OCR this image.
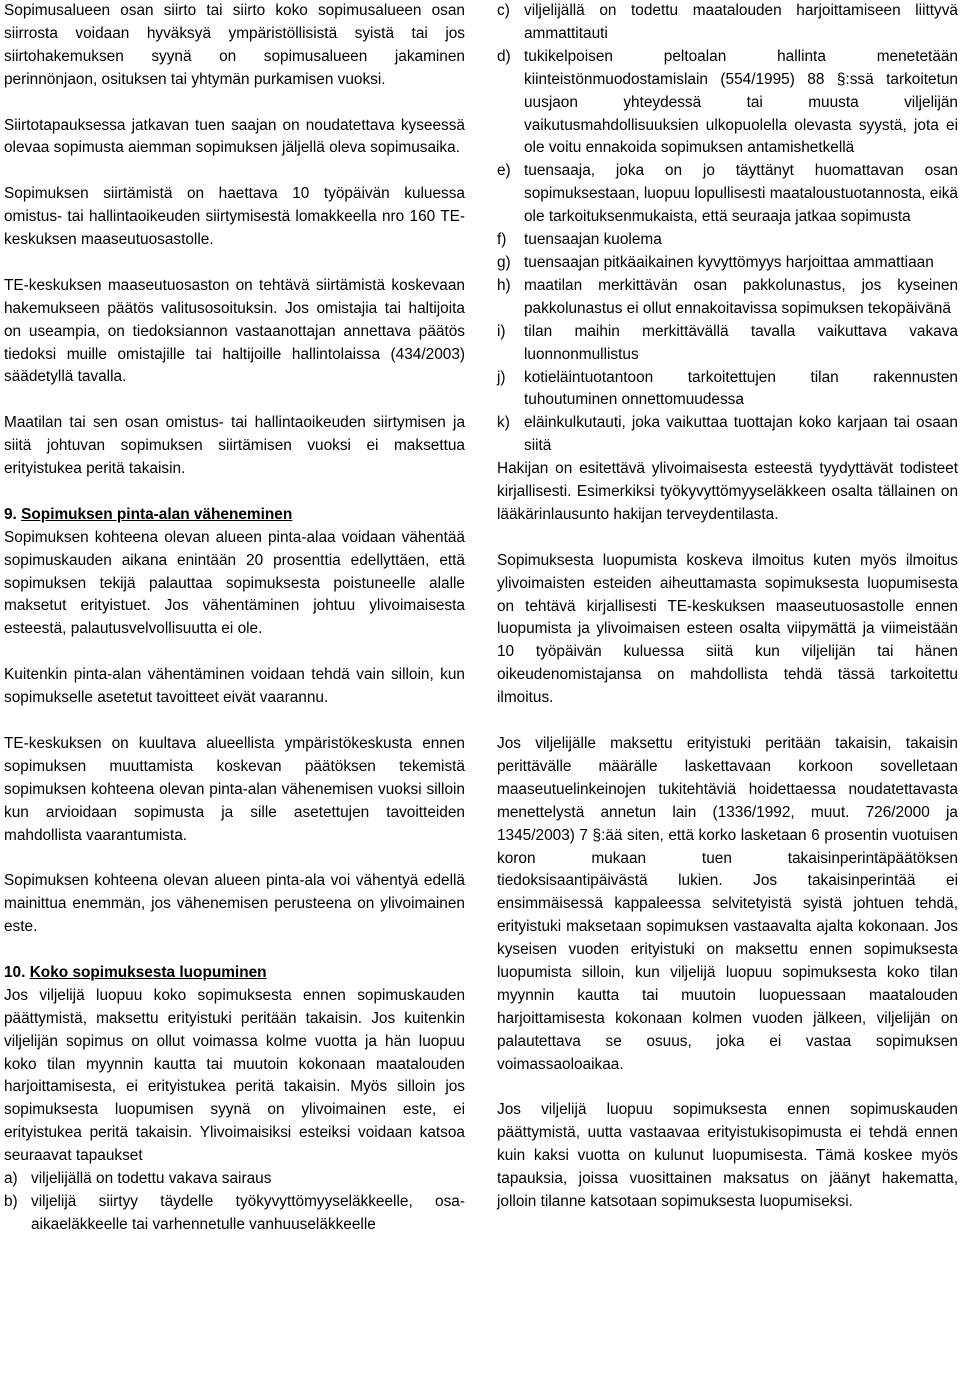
Sopimusalueen osan siirto tai siirto koko sopimusalueen osan siirrosta voidaan hyväksyä ympäristöllisistä syistä tai jos siirtohakemuksen syynä on sopimusalueen jakaminen perinnönjaon, osituksen tai yhtymän purkamisen vuoksi.

Siirtotapauksessa jatkavan tuen saajan on noudatettava kyseessä olevaa sopimusta aiemman sopimuksen jäljellä oleva sopimusaika.

Sopimuksen siirtämistä on haettava 10 työpäivän kuluessa omistus- tai hallintaoikeuden siirtymisestä lomakkeella nro 160 TE-keskuksen maaseutuosastolle.

TE-keskuksen maaseutuosaston on tehtävä siirtämistä koskevaan hakemukseen päätös valitusosoituksin. Jos omistajia tai haltijoita on useampia, on tiedoksiannon vastaanottajan annettava päätös tiedoksi muille omistajille tai haltijoille hallintolaissa (434/2003) säädetyllä tavalla.

Maatilan tai sen osan omistus- tai hallintaoikeuden siirtymisen ja siitä johtuvan sopimuksen siirtämisen vuoksi ei maksettua erityistukea peritä takaisin.

9. Sopimuksen pinta-alan väheneminen

Sopimuksen kohteena olevan alueen pinta-alaa voidaan vähentää sopimuskauden aikana enintään 20 prosenttia edellyttäen, että sopimuksen tekijä palauttaa sopimuksesta poistuneelle alalle maksetut erityistuet. Jos vähentäminen johtuu ylivoimaisesta esteestä, palautusvelvollisuutta ei ole.

Kuitenkin pinta-alan vähentäminen voidaan tehdä vain silloin, kun sopimukselle asetetut tavoitteet eivät vaarannu.

TE-keskuksen on kuultava alueellista ympäristökeskusta ennen sopimuksen muuttamista koskevan päätöksen tekemistä sopimuksen kohteena olevan pinta-alan vähenemisen vuoksi silloin kun arvioidaan sopimusta ja sille asetettujen tavoitteiden mahdollista vaarantumista.

Sopimuksen kohteena olevan alueen pinta-ala voi vähentyä edellä mainittua enemmän, jos vähenemisen perusteena on ylivoimainen este.

10. Koko sopimuksesta luopuminen

Jos viljelijä luopuu koko sopimuksesta ennen sopimuskauden päättymistä, maksettu erityistuki peritään takaisin. Jos kuitenkin viljelijän sopimus on ollut voimassa kolme vuotta ja hän luopuu koko tilan myynnin kautta tai muutoin kokonaan maatalouden harjoittamisesta, ei erityistukea peritä takaisin. Myös silloin jos sopimuksesta luopumisen syynä on ylivoimainen este, ei erityistukea peritä takaisin. Ylivoimaisiksi esteiksi voidaan katsoa seuraavat tapaukset

a) viljelijällä on todettu vakava sairaus
b) viljelijä siirtyy täydelle työkyvyttömyyseläkkeelle, osa-aikaeläkkeelle tai varhennetulle vanhuuseläkkeelle
c) viljelijällä on todettu maatalouden harjoittamiseen liittyvä ammattitauti
d) tukikelpoisen peltoalan hallinta menetetään kiinteistönmuodostamislain (554/1995) 88 §:ssä tarkoitetun uusjaon yhteydessä tai muusta viljelijän vaikutusmahdollisuuksien ulkopuolella olevasta syystä, jota ei ole voitu ennakoida sopimuksen antamishetkellä
e) tuensaaja, joka on jo täyttänyt huomattavan osan sopimuksestaan, luopuu lopullisesti maataloustuotannosta, eikä ole tarkoituksenmukaista, että seuraaja jatkaa sopimusta
f) tuensaajan kuolema
g) tuensaajan pitkäaikainen kyvyttömyys harjoittaa ammattiaan
h) maatilan merkittävän osan pakkolunastus, jos kyseinen pakkolunastus ei ollut ennakoitavissa sopimuksen tekopäivänä
i) tilan maihin merkittävällä tavalla vaikuttava vakava luonnonmullistus
j) kotieläintuotantoon tarkoitettujen tilan rakennusten tuhoutuminen onnettomuudessa
k) eläinkulkutauti, joka vaikuttaa tuottajan koko karjaan tai osaan siitä

Hakijan on esitettävä ylivoimaisesta esteestä tyydyttävät todisteet kirjallisesti. Esimerkiksi työkyvyttömyyseläkkeen osalta tällainen on lääkärinlausunto hakijan terveydentilasta.

Sopimuksesta luopumista koskeva ilmoitus kuten myös ilmoitus ylivoimaisten esteiden aiheuttamasta sopimuksesta luopumisesta on tehtävä kirjallisesti TE-keskuksen maaseutuosastolle ennen luopumista ja ylivoimaisen esteen osalta viipymättä ja viimeistään 10 työpäivän kuluessa siitä kun viljelijän tai hänen oikeudenomistajansa on mahdollista tehdä tässä tarkoitettu ilmoitus.

Jos viljelijälle maksettu erityistuki peritään takaisin, takaisin perittävälle määrälle laskettavaan korkoon sovelletaan maaseutuelinkeinojen tukitehtäviä hoidettaessa noudatettavasta menettelystä annetun lain (1336/1992, muut. 726/2000 ja 1345/2003) 7 §:ää siten, että korko lasketaan 6 prosentin vuotuisen koron mukaan tuen takaisinperintäpäätöksen tiedoksisaantipäivästä lukien. Jos takaisinperintää ei ensimmäisessä kappaleessa selvitetyistä syistä johtuen tehdä, erityistuki maksetaan sopimuksen vastaavalta ajalta kokonaan. Jos kyseisen vuoden erityistuki on maksettu ennen sopimuksesta luopumista silloin, kun viljelijä luopuu sopimuksesta koko tilan myynnin kautta tai muutoin luopuessaan maatalouden harjoittamisesta kokonaan kolmen vuoden jälkeen, viljelijän on palautettava se osuus, joka ei vastaa sopimuksen voimassaoloaikaa.

Jos viljelijä luopuu sopimuksesta ennen sopimuskauden päättymistä, uutta vastaavaa erityistukisopimusta ei tehdä ennen kuin kaksi vuotta on kulunut luopumisesta. Tämä koskee myös tapauksia, joissa vuosittainen maksatus on jäänyt hakematta, jolloin tilanne katsotaan sopimuksesta luopumiseksi.
